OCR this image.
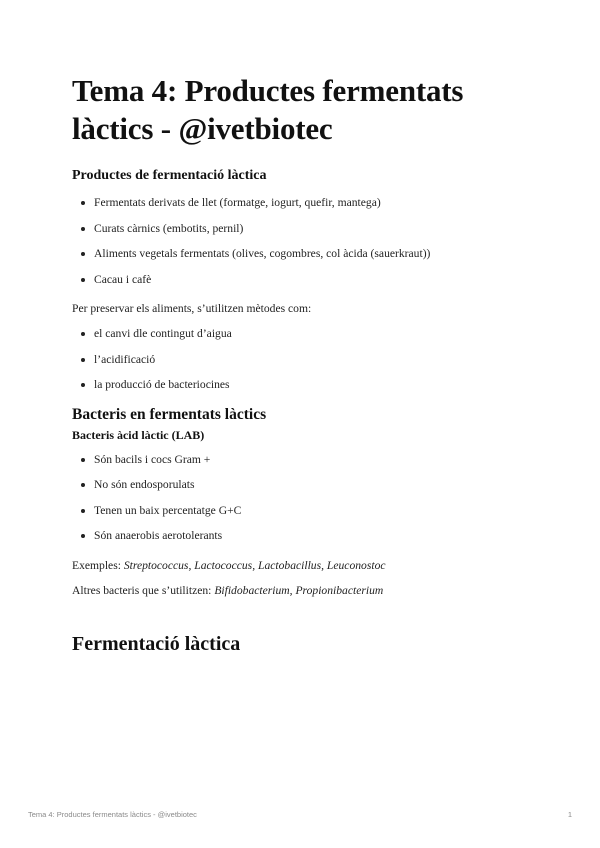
Tema 4: Productes fermentats
làctics - @ivetbiotec
Productes de fermentació làctica
Fermentats derivats de llet (formatge, iogurt, quefir, mantega)
Curats càrnics (embotits, pernil)
Aliments vegetals fermentats (olives, cogombres, col àcida (sauerkraut))
Cacau i cafè

Per preservar els aliments, s’utilitzen mètodes com:

el canvi dle contingut d’aigua
l’acidificació
la producció de bacteriocines
Bacteris en fermentats làctics
Bacteris àcid làctic (LAB)
Són bacils i cocs Gram +
No són endosporulats
Tenen un baix percentatge G+C
Són anaerobis aerotolerants

Exemples: Streptococcus, Lactococcus, Lactobacillus, Leuconostoc

Altres bacteris que s’utilitzen: Bifidobacterium, Propionibacterium

Fermentació làctica
Tema 4: Productes fermentats làctics - @ivetbiotec	1
